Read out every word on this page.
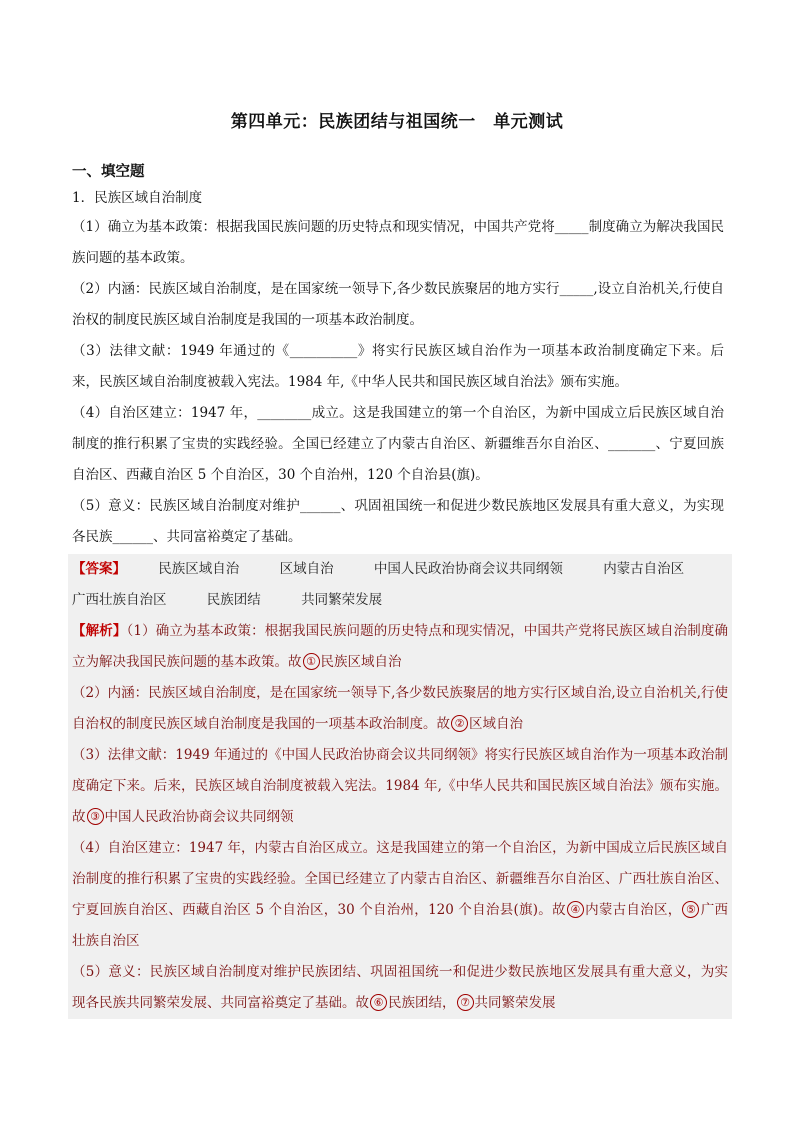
第四单元：民族团结与祖国统一　单元测试
一、填空题
1．民族区域自治制度

（1）确立为基本政策：根据我国民族问题的历史特点和现实情况，中国共产党将_____制度确立为解决我国民族问题的基本政策。

（2）内涵：民族区域自治制度，是在国家统一领导下,各少数民族聚居的地方实行_____,设立自治机关,行使自治权的制度民族区域自治制度是我国的一项基本政治制度。

（3）法律文献：1949 年通过的《__________》将实行民族区域自治作为一项基本政治制度确定下来。后来，民族区域自治制度被载入宪法。1984 年,《中华人民共和国民族区域自治法》颁布实施。

（4）自治区建立：1947 年，________成立。这是我国建立的第一个自治区，为新中国成立后民族区域自治制度的推行积累了宝贵的实践经验。全国已经建立了内蒙古自治区、新疆维吾尔自治区、_______、宁夏回族自治区、西藏自治区 5 个自治区，30 个自治州，120 个自治县(旗)。

（5）意义：民族区域自治制度对维护______、巩固祖国统一和促进少数民族地区发展具有重大意义，为实现各民族______、共同富裕奠定了基础。

【答案】 民族区域自治	区域自治	中国人民政治协商会议共同纲领	内蒙古自治区

广西壮族自治区	民族团结	共同繁荣发展

【解析】（1）确立为基本政策：根据我国民族问题的历史特点和现实情况，中国共产党将民族区域自治制度确立为解决我国民族问题的基本政策。故 ① 民族区域自治

（2）内涵：民族区域自治制度，是在国家统一领导下,各少数民族聚居的地方实行区域自治,设立自治机关,行使自治权的制度民族区域自治制度是我国的一项基本政治制度。故 ② 区域自治

（3）法律文献：1949 年通过的《中国人民政治协商会议共同纲领》将实行民族区域自治作为一项基本政治制度确定下来。后来，民族区域自治制度被载入宪法。1984 年,《中华人民共和国民族区域自治法》颁布实施。故 ③ 中国人民政治协商会议共同纲领

（4）自治区建立：1947 年，内蒙古自治区成立。这是我国建立的第一个自治区，为新中国成立后民族区域自治制度的推行积累了宝贵的实践经验。全国已经建立了内蒙古自治区、新疆维吾尔自治区、广西壮族自治区、宁夏回族自治区、西藏自治区 5 个自治区，30 个自治州，120 个自治县(旗)。故 ④ 内蒙古自治区， ⑤ 广西壮族自治区

（5）意义：民族区域自治制度对维护民族团结、巩固祖国统一和促进少数民族地区发展具有重大意义，为实现各民族共同繁荣发展、共同富裕奠定了基础。故 ⑥ 民族团结， ⑦ 共同繁荣发展
